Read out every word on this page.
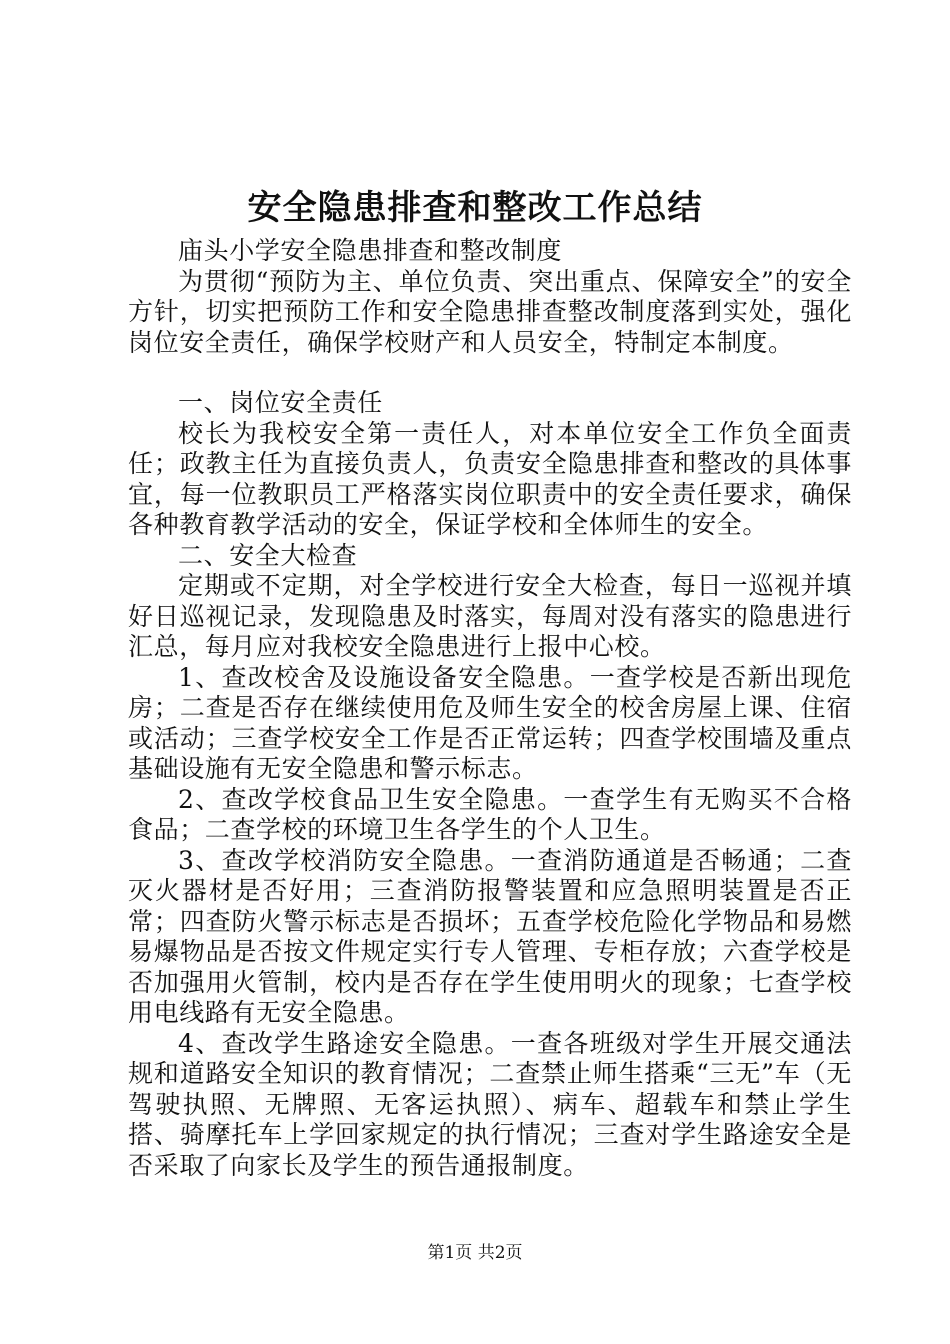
安全隐患排查和整改工作总结

庙头小学安全隐患排查和整改制度

为贯彻“预防为主、单位负责、突出重点、保障安全”的安全方针，切实把预防工作和安全隐患排查整改制度落到实处，强化岗位安全责任，确保学校财产和人员安全，特制定本制度。

一、岗位安全责任

校长为我校安全第一责任人，对本单位安全工作负全面责任；政教主任为直接负责人，负责安全隐患排查和整改的具体事宜，每一位教职员工严格落实岗位职责中的安全责任要求，确保各种教育教学活动的安全，保证学校和全体师生的安全。

二、安全大检查

定期或不定期，对全学校进行安全大检查，每日一巡视并填好日巡视记录，发现隐患及时落实，每周对没有落实的隐患进行汇总，每月应对我校安全隐患进行上报中心校。

1、查改校舍及设施设备安全隐患。一查学校是否新出现危房；二查是否存在继续使用危及师生安全的校舍房屋上课、住宿或活动；三查学校安全工作是否正常运转；四查学校围墙及重点基础设施有无安全隐患和警示标志。

2、查改学校食品卫生安全隐患。一查学生有无购买不合格食品；二查学校的环境卫生各学生的个人卫生。

3、查改学校消防安全隐患。一查消防通道是否畅通；二查灭火器材是否好用；三查消防报警装置和应急照明装置是否正常；四查防火警示标志是否损坏；五查学校危险化学物品和易燃易爆物品是否按文件规定实行专人管理、专柜存放；六查学校是否加强用火管制，校内是否存在学生使用明火的现象；七查学校用电线路有无安全隐患。

4、查改学生路途安全隐患。一查各班级对学生开展交通法规和道路安全知识的教育情况；二查禁止师生搭乘“三无”车（无驾驶执照、无牌照、无客运执照）、病车、超载车和禁止学生搭、骑摩托车上学回家规定的执行情况；三查对学生路途安全是否采取了向家长及学生的预告通报制度。

第1页 共2页
